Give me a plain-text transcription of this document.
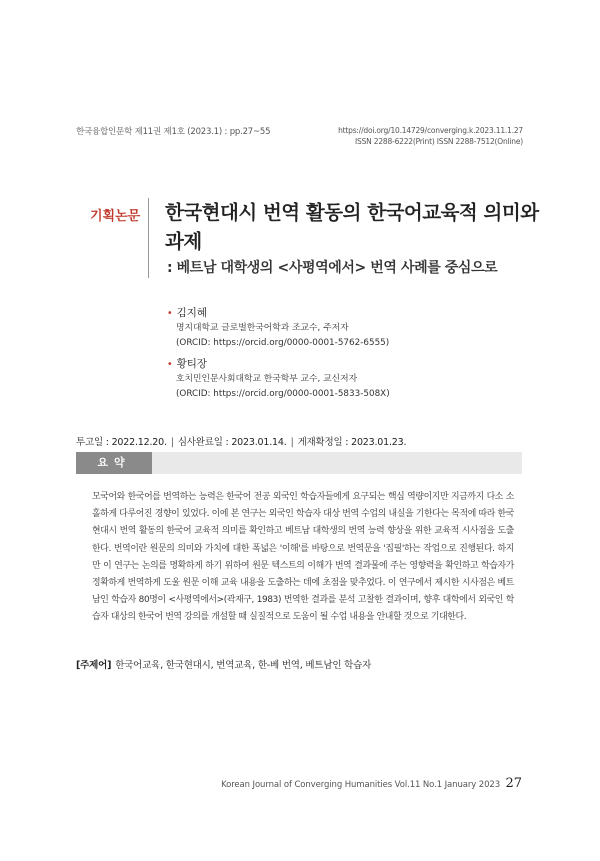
한국융합인문학 제11권 제1호 (2023.1) : pp.27~55	https://doi.org/10.14729/converging.k.2023.11.1.27
ISSN 2288-6222(Print) ISSN 2288-7512(Online)
기획논문 한국현대시 번역 활동의 한국어교육적 의미와 과제
: 베트남 대학생의 <사평역에서> 번역 사례를 중심으로
• 김지혜
명지대학교 글로벌한국어학과 조교수, 주저자
(ORCID: https://orcid.org/0000-0001-5762-6555)
• 황티장
호치민인문사회대학교 한국학부 교수, 교신저자
(ORCID: https://orcid.org/0000-0001-5833-508X)
투고일 : 2022.12.20. | 심사완료일 : 2023.01.14. | 게재확정일 : 2023.01.23.
요약
모국어와 한국어를 번역하는 능력은 한국어 전공 외국인 학습자들에게 요구되는 핵심 역량이지만 지금까지 다소 소홀하게 다루어진 경향이 있었다. 이에 본 연구는 외국인 학습자 대상 번역 수업의 내실을 기한다는 목적에 따라 한국현대시 번역 활동의 한국어 교육적 의미를 확인하고 베트남 대학생의 번역 능력 향상을 위한 교육적 시사점을 도출한다. 번역이란 원문의 의미와 가치에 대한 폭넓은 '이해'를 바탕으로 번역문을 '집필'하는 작업으로 진행된다. 하지만 이 연구는 논의를 명확하게 하기 위하여 원문 텍스트의 이해가 번역 결과물에 주는 영향력을 확인하고 학습자가 정확하게 번역하게 도울 원문 이해 교육 내용을 도출하는 데에 초점을 맞추었다. 이 연구에서 제시한 시사점은 베트남인 학습자 80명이 <사평역에서>(곽재구, 1983) 번역한 결과를 분석 고찰한 결과이며, 향후 대학에서 외국인 학습자 대상의 한국어 번역 강의를 개설할 때 실질적으로 도움이 될 수업 내용을 안내할 것으로 기대한다.
[주제어] 한국어교육, 한국현대시, 번역교육, 한-베 번역, 베트남인 학습자
Korean Journal of Converging Humanities Vol.11 No.1 January 2023 27
